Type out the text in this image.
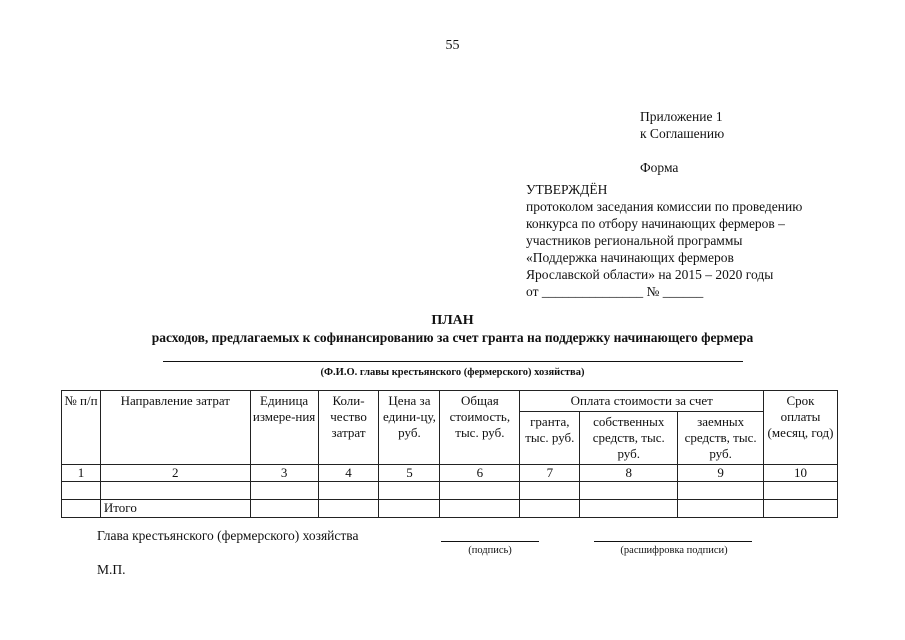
55
Приложение 1
к Соглашению
Форма
УТВЕРЖДЁН
протоколом заседания комиссии по проведению
конкурса по отбору начинающих фермеров –
участников региональной программы
«Поддержка начинающих фермеров
Ярославской области» на 2015 – 2020 годы
от _______________ № ______
ПЛАН
расходов, предлагаемых к софинансированию за счет гранта на поддержку начинающего фермера
(Ф.И.О. главы крестьянского (фермерского) хозяйства)
№ п/п	Направление затрат	Единица измере-ния	Коли-чество затрат	Цена за едини-цу, руб.	Общая стоимость, тыс. руб.	Оплата стоимости за счет			Срок оплаты (месяц, год)
						гранта, тыс. руб.	собственных средств, тыс. руб.	заемных средств, тыс. руб.	
1	2	3	4	5	6	7	8	9	10

	Итого								
Глава крестьянского (фермерского) хозяйства
(подпись)	(расшифровка подписи)
М.П.
